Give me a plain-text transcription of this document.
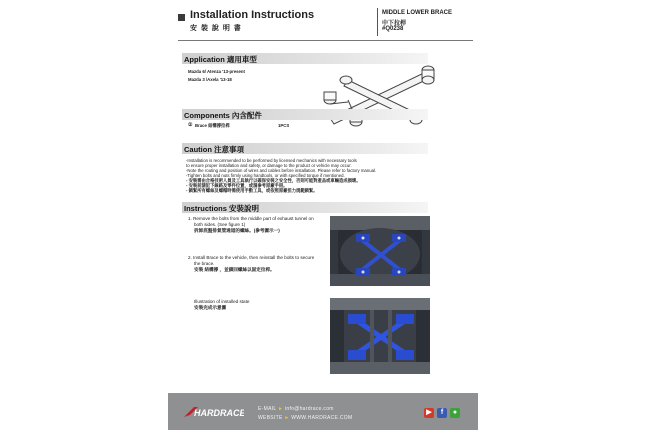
Installation Instructions
安 裝 說 明 書
MIDDLE LOWER BRACE
中下拉桿
#Q0238
Application 適用車型
Mazda 6/ Atenza '13-present
Mazda 3 /Axela '13-18
Components 內含配件
① Brace 結構撐拉桿	1PCS
Caution 注意事項
-Installation is recommended to be performed by licensed mechanics with necessary tools
to ensure proper installation and safety, or damage to the product or vehicle may occur.
-Note the routing and position of wires and cables before installation. Please refer to factory manual.
-Tighten bolts and nuts firmly using handtools, or with specified torque if mentioned.
- 安裝需由合格技術人員及工具執行以確保安裝之安全性，否則可能對產品或車輛造成損壞。
- 安裝前請記下線路及零件位置，或請參考原廠手冊。
- 鎖緊所有螺絲及螺帽時需使用手動工具，或依照原廠扭力規範鎖緊。
Instructions 安裝說明
1. Remove the bolts from the middle part of exhaust tunnel on
both sides. (See figure 1)
拆卸底盤排氣管通道的螺絲。(參考圖示一)
2. Install Brace to the vehicle, then reinstall the bolts to secure
the brace.
安裝 結構撐 ，並鎖回螺絲以固定拉桿。
Illustration of installed state
安裝完成示意圖
HARDRACE	E-MAIL ► info@hardrace.com
WEBSITE ► WWW.HARDRACE.COM
▶	f	●
